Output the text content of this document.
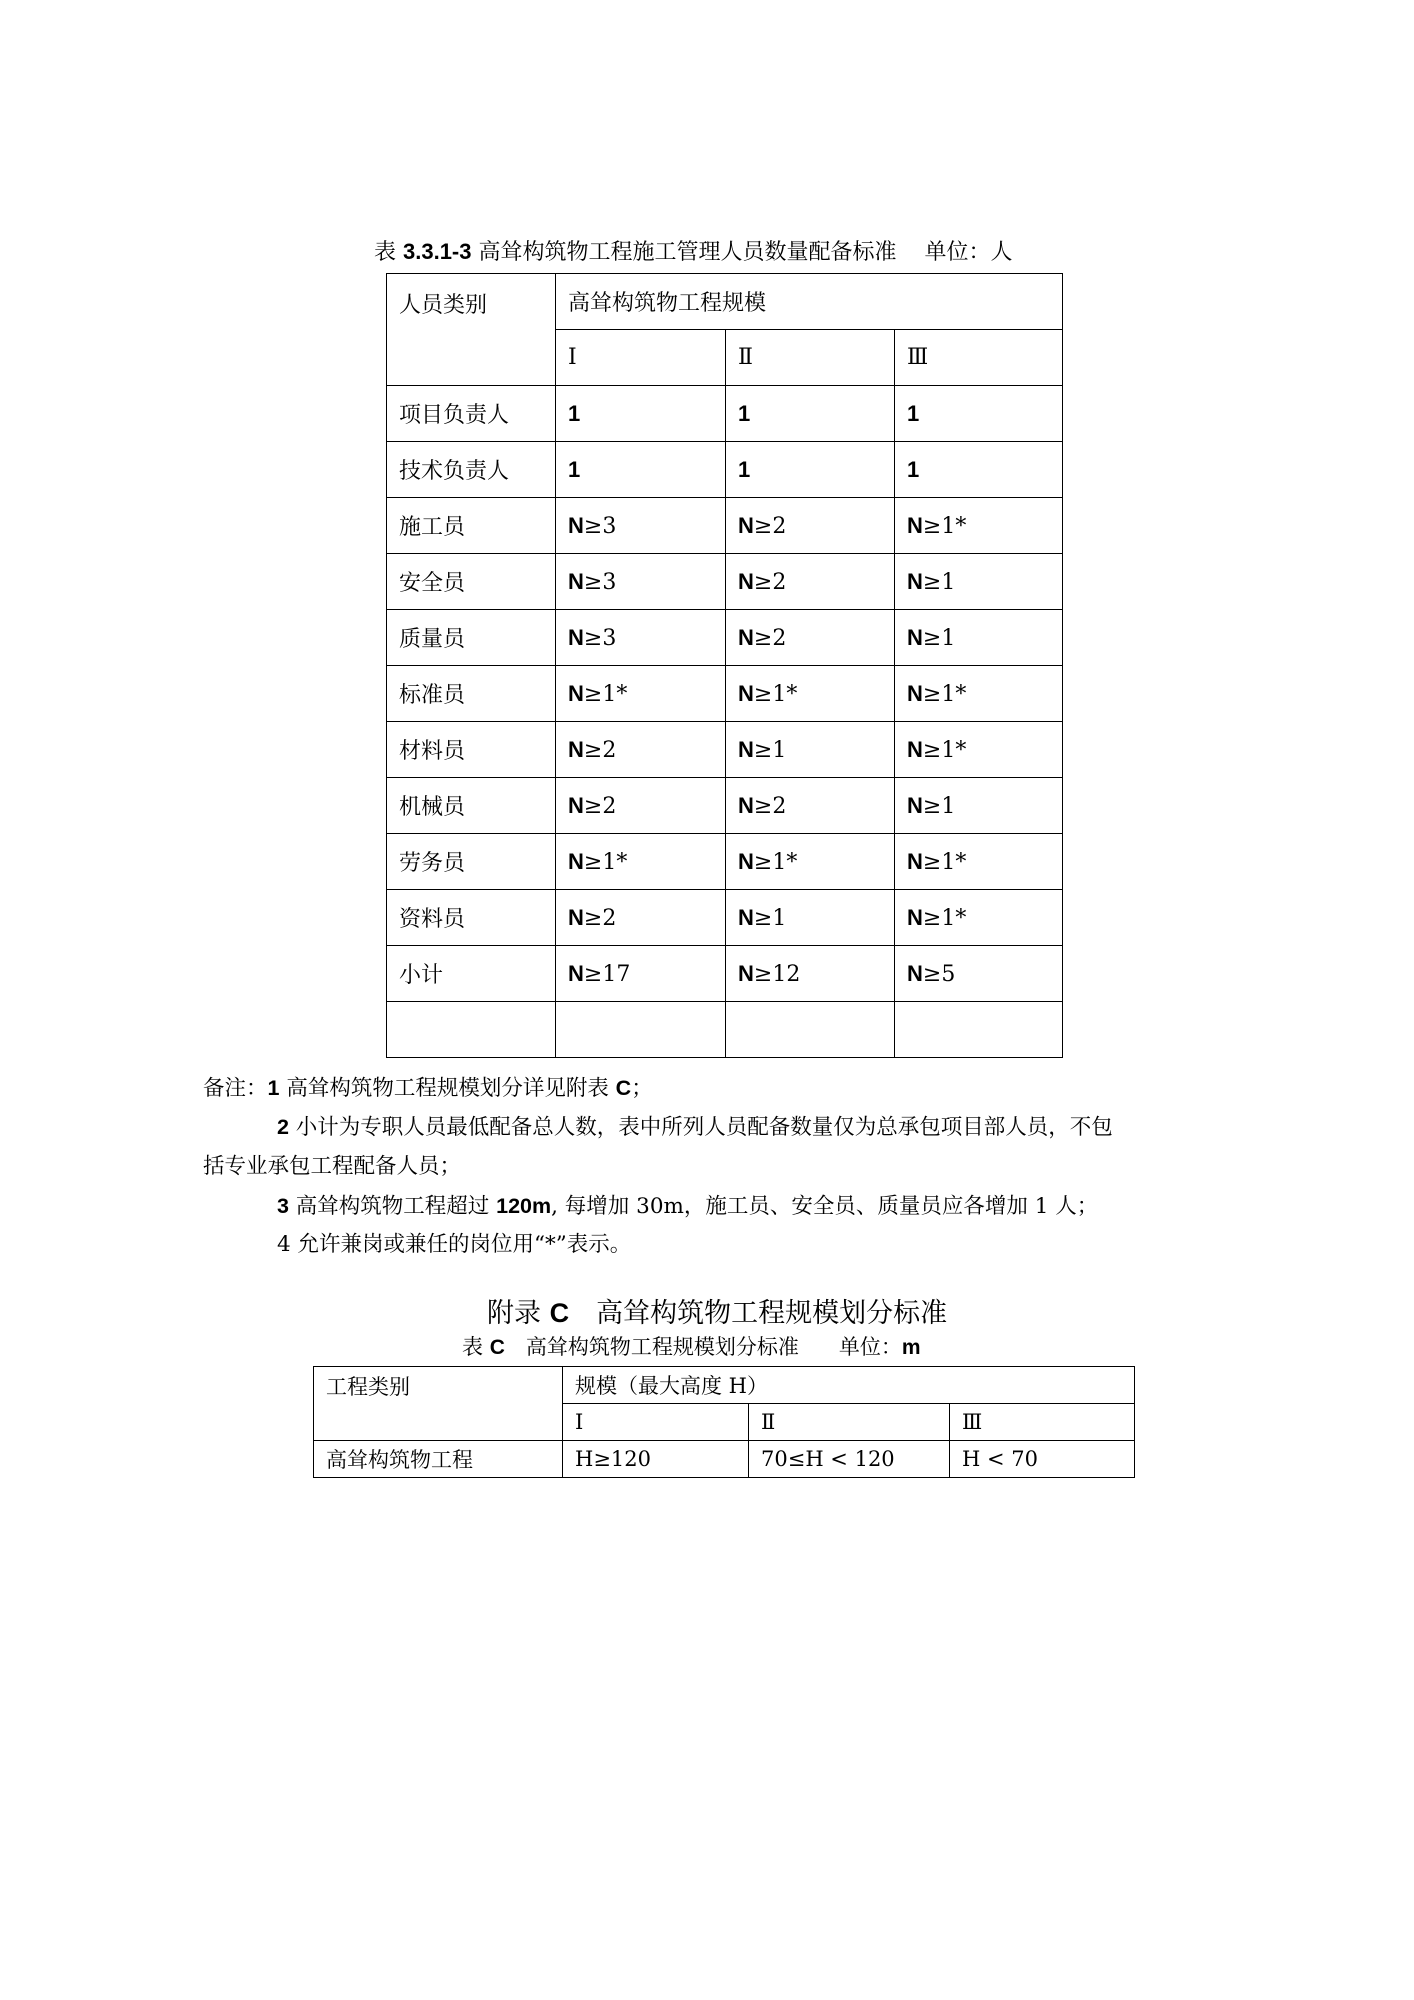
表 3.3.1-3 高耸构筑物工程施工管理人员数量配备标准 单位：人
人员类别	高耸构筑物工程规模		
	Ⅰ	Ⅱ	Ⅲ
项目负责人	1	1	1
技术负责人	1	1	1
施工员	N≥3	N≥2	N≥1*
安全员	N≥3	N≥2	N≥1
质量员	N≥3	N≥2	N≥1
标准员	N≥1*	N≥1*	N≥1*
材料员	N≥2	N≥1	N≥1*
机械员	N≥2	N≥2	N≥1
劳务员	N≥1*	N≥1*	N≥1*
资料员	N≥2	N≥1	N≥1*
小计	N≥17	N≥12	N≥5

备注：1 高耸构筑物工程规模划分详见附表 C；
2 小计为专职人员最低配备总人数，表中所列人员配备数量仅为总承包项目部人员，不包
括专业承包工程配备人员；
3 高耸构筑物工程超过 120m, 每增加 30m，施工员、安全员、质量员应各增加 1 人；
4 允许兼岗或兼任的岗位用“*”表示。
附录 C　高耸构筑物工程规模划分标准
表 C　高耸构筑物工程规模划分标准 单位：m
工程类别	规模（最大高度 H）		
	Ⅰ	Ⅱ	Ⅲ
高耸构筑物工程	H≥120	70≤H < 120	H < 70
